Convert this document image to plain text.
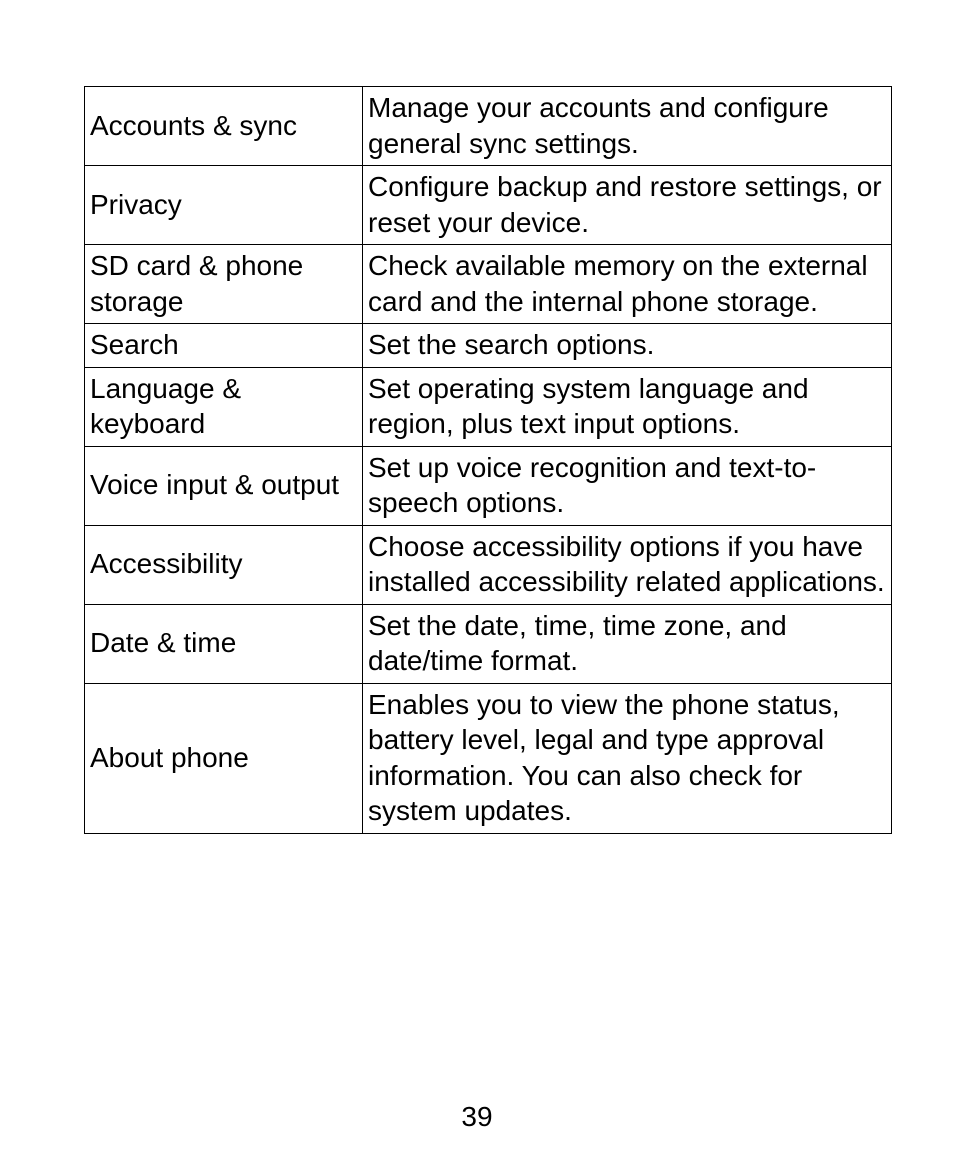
Accounts & sync	Manage your accounts and configure general sync settings.
Privacy	Configure backup and restore settings, or reset your device.
SD card & phone storage	Check available memory on the external card and the internal phone storage.
Search	Set the search options.
Language & keyboard	Set operating system language and region, plus text input options.
Voice input & output	Set up voice recognition and text-to-speech options.
Accessibility	Choose accessibility options if you have installed accessibility related applications.
Date & time	Set the date, time, time zone, and date/time format.
About phone	Enables you to view the phone status, battery level, legal and type approval information. You can also check for system updates.
39
